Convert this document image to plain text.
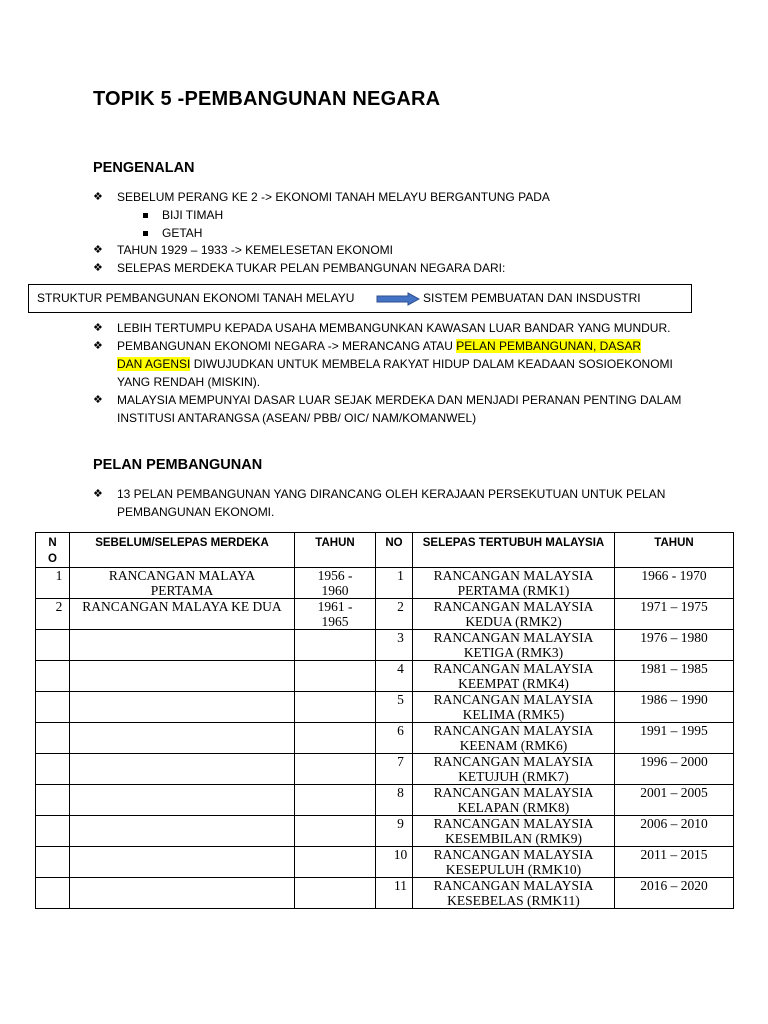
TOPIK 5 -PEMBANGUNAN NEGARA
PENGENALAN
❖ SEBELUM PERANG KE 2 -> EKONOMI TANAH MELAYU BERGANTUNG PADA
BIJI TIMAH
GETAH
❖ TAHUN 1929 – 1933 -> KEMELESETAN EKONOMI
❖ SELEPAS MERDEKA TUKAR PELAN PEMBANGUNAN NEGARA DARI:
STRUKTUR PEMBANGUNAN EKONOMI TANAH MELAYU	SISTEM PEMBUATAN DAN INSDUSTRI
❖ LEBIH TERTUMPU KEPADA USAHA MEMBANGUNKAN KAWASAN LUAR BANDAR YANG MUNDUR.
❖ PEMBANGUNAN EKONOMI NEGARA -> MERANCANG ATAU PELAN PEMBANGUNAN, DASAR
DAN AGENSI DIWUJUDKAN UNTUK MEMBELA RAKYAT HIDUP DALAM KEADAAN SOSIOEKONOMI
YANG RENDAH (MISKIN).
❖ MALAYSIA MEMPUNYAI DASAR LUAR SEJAK MERDEKA DAN MENJADI PERANAN PENTING DALAM
INSTITUSI ANTARANGSA (ASEAN/ PBB/ OIC/ NAM/KOMANWEL)
PELAN PEMBANGUNAN
❖ 13 PELAN PEMBANGUNAN YANG DIRANCANG OLEH KERAJAAN PERSEKUTUAN UNTUK PELAN
PEMBANGUNAN EKONOMI.
N
O	SEBELUM/SELEPAS MERDEKA	TAHUN	NO	SELEPAS TERTUBUH MALAYSIA	TAHUN
1	RANCANGAN MALAYA
PERTAMA	1956 -
1960	1	RANCANGAN MALAYSIA
PERTAMA (RMK1)	1966 - 1970
2	RANCANGAN MALAYA KE DUA	1961 -
1965	2	RANCANGAN MALAYSIA
KEDUA (RMK2)	1971 – 1975
			3	RANCANGAN MALAYSIA
KETIGA (RMK3)	1976 – 1980
			4	RANCANGAN MALAYSIA
KEEMPAT (RMK4)	1981 – 1985
			5	RANCANGAN MALAYSIA
KELIMA (RMK5)	1986 – 1990
			6	RANCANGAN MALAYSIA
KEENAM (RMK6)	1991 – 1995
			7	RANCANGAN MALAYSIA
KETUJUH (RMK7)	1996 – 2000
			8	RANCANGAN MALAYSIA
KELAPAN (RMK8)	2001 – 2005
			9	RANCANGAN MALAYSIA
KESEMBILAN (RMK9)	2006 – 2010
			10	RANCANGAN MALAYSIA
KESEPULUH (RMK10)	2011 – 2015
			11	RANCANGAN MALAYSIA
KESEBELAS (RMK11)	2016 – 2020
